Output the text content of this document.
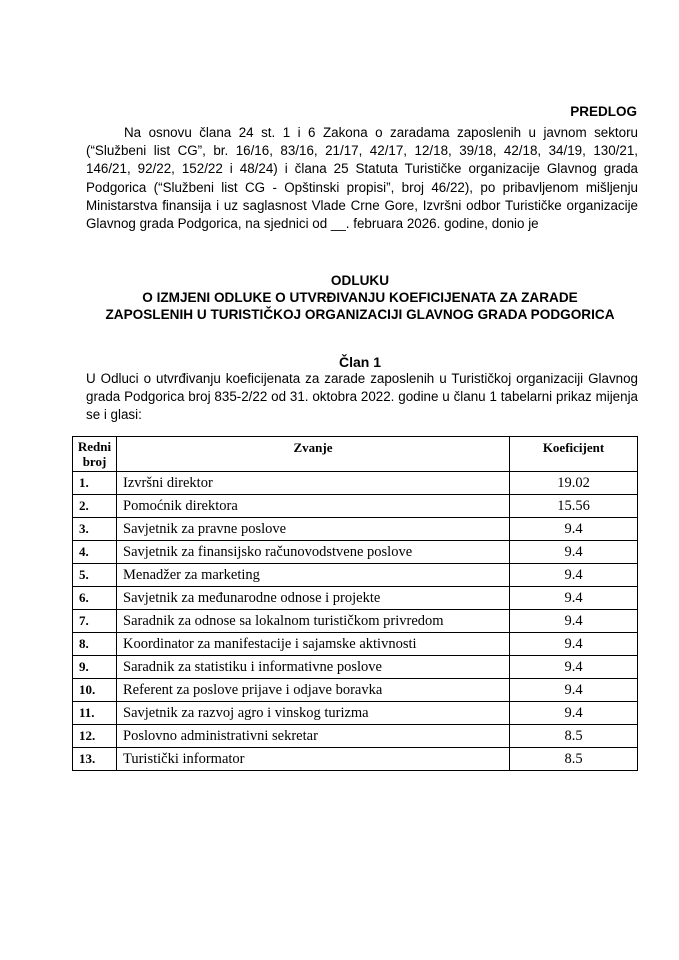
PREDLOG
Na osnovu člana 24 st. 1 i 6 Zakona o zaradama zaposlenih u javnom sektoru (“Službeni list CG”, br. 16/16, 83/16, 21/17, 42/17, 12/18, 39/18, 42/18, 34/19, 130/21, 146/21, 92/22, 152/22 i 48/24) i člana 25 Statuta Turističke organizacije Glavnog grada Podgorica (“Službeni list CG - Opštinski propisi”, broj 46/22), po pribavljenom mišljenju Ministarstva finansija i uz saglasnost Vlade Crne Gore, Izvršni odbor Turističke organizacije Glavnog grada Podgorica, na sjednici od __. februara 2026. godine, donio je
ODLUKU
O IZMJENI ODLUKE O UTVRĐIVANJU KOEFICIJENATA ZA ZARADE
ZAPOSLENIH U TURISTIČKOJ ORGANIZACIJI GLAVNOG GRADA PODGORICA
Član 1
U Odluci o utvrđivanju koeficijenata za zarade zaposlenih u Turističkoj organizaciji Glavnog grada Podgorica broj 835-2/22 od 31. oktobra 2022. godine u članu 1 tabelarni prikaz mijenja se i glasi:
Redni broj	Zvanje	Koeficijent
1.	Izvršni direktor	19.02
2.	Pomoćnik direktora	15.56
3.	Savjetnik za pravne poslove	9.4
4.	Savjetnik za finansijsko računovodstvene poslove	9.4
5.	Menadžer za marketing	9.4
6.	Savjetnik za međunarodne odnose i projekte	9.4
7.	Saradnik za odnose sa lokalnom turističkom privredom	9.4
8.	Koordinator za manifestacije i sajamske aktivnosti	9.4
9.	Saradnik za statistiku i informativne poslove	9.4
10.	Referent za poslove prijave i odjave boravka	9.4
11.	Savjetnik za razvoj agro i vinskog turizma	9.4
12.	Poslovno administrativni sekretar	8.5
13.	Turistički informator	8.5
